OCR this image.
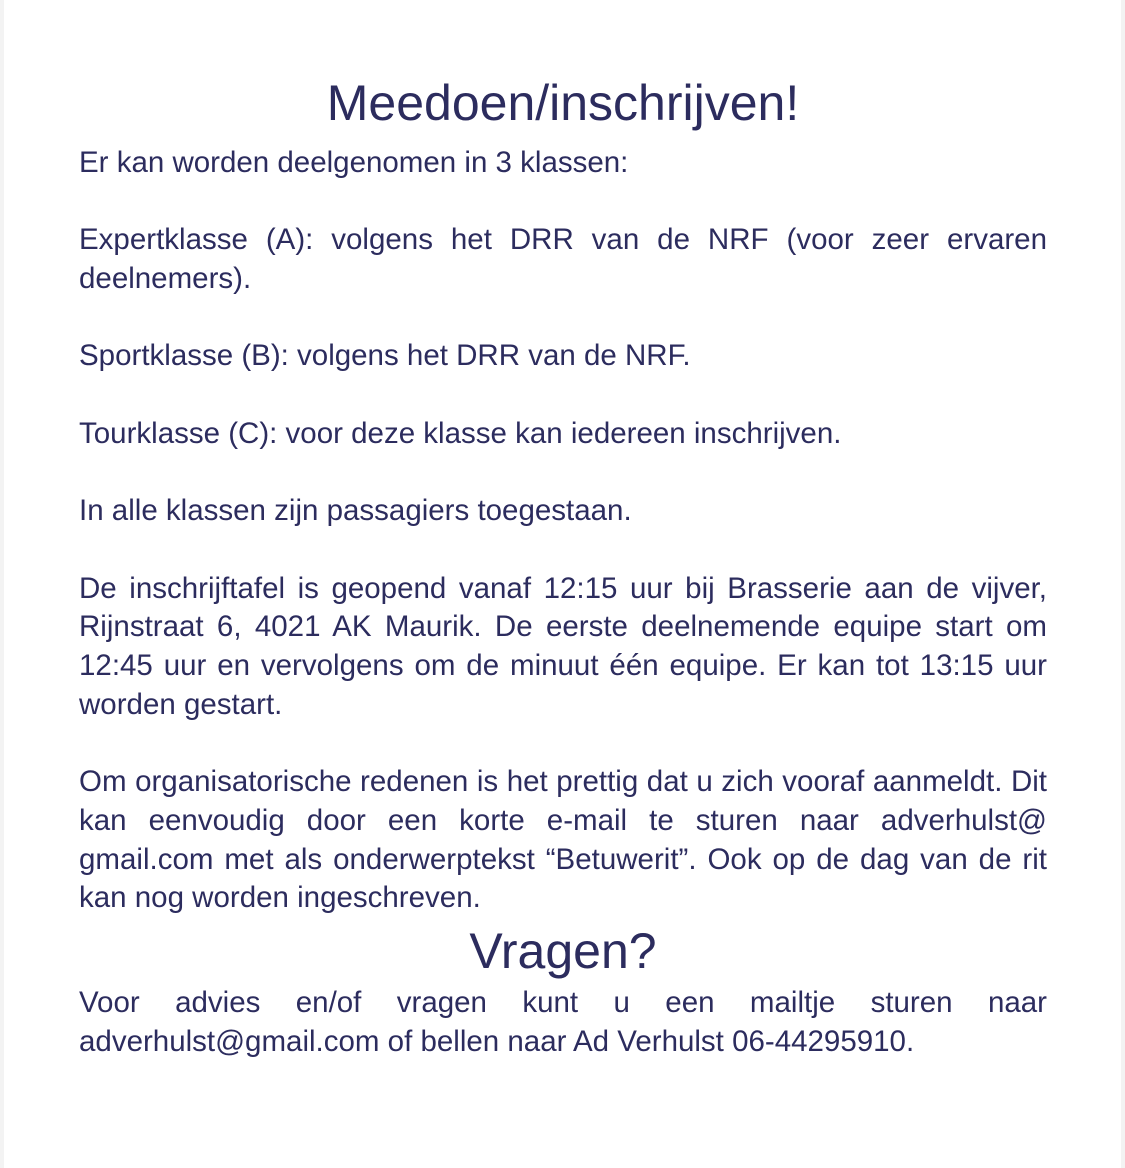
Meedoen/inschrijven!

Er kan worden deelgenomen in 3 klassen:

Expertklasse (A): volgens het DRR van de NRF (voor zeer ervaren deelnemers).

Sportklasse (B): volgens het DRR van de NRF.

Tourklasse (C): voor deze klasse kan iedereen inschrijven.

In alle klassen zijn passagiers toegestaan.

De inschrijftafel is geopend vanaf 12:15 uur bij Brasserie aan de vijver, Rijnstraat 6, 4021 AK Maurik. De eerste deelnemende equipe start om 12:45 uur en vervolgens om de minuut één equipe. Er kan tot 13:15 uur worden gestart.

Om organisatorische redenen is het prettig dat u zich vooraf aanmeldt. Dit kan eenvoudig door een korte e-mail te sturen naar adverhulst@ gmail.com met als onderwerptekst “Betuwerit”. Ook op de dag van de rit kan nog worden ingeschreven.

Vragen?

Voor advies en/of vragen kunt u een mailtje sturen naar adverhulst@gmail.com of bellen naar Ad Verhulst 06-44295910.
